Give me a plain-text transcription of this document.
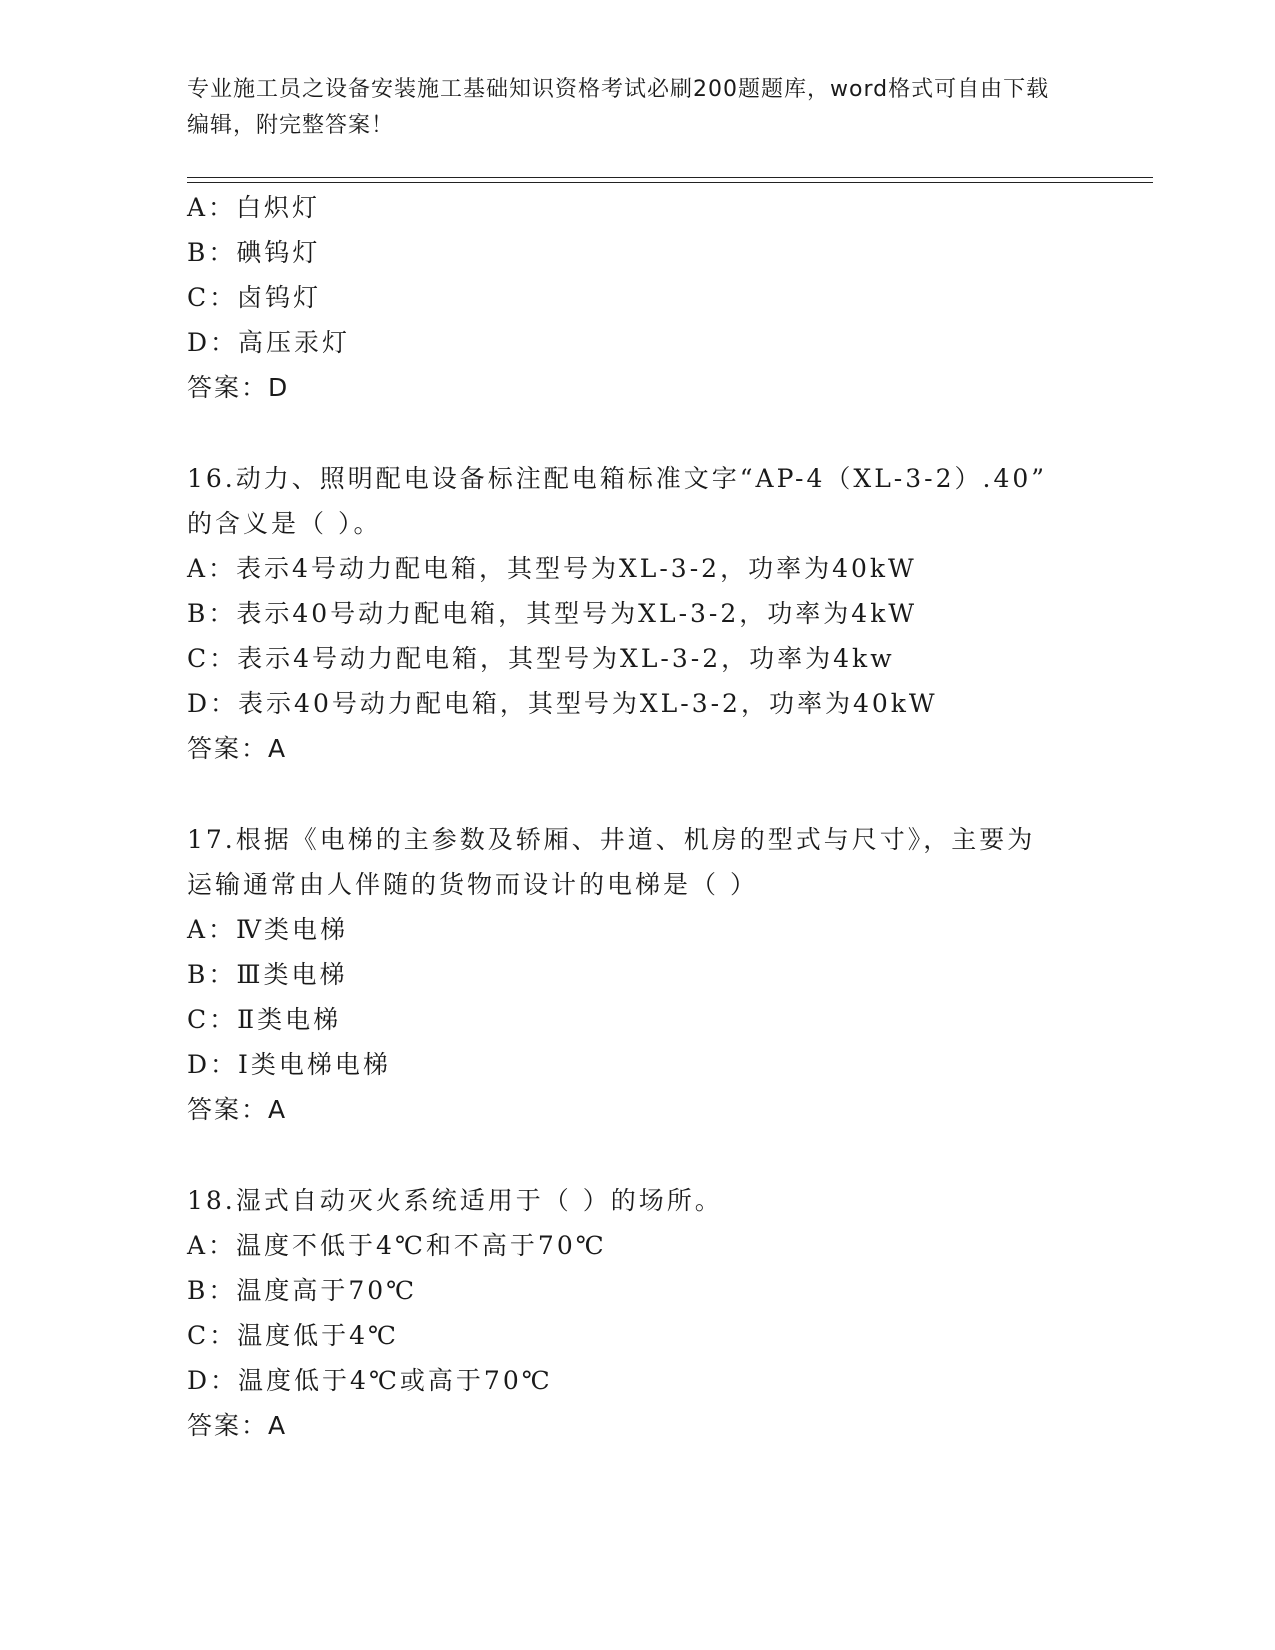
专业施工员之设备安装施工基础知识资格考试必刷200题题库，word格式可自由下载编辑，附完整答案！
A：白炽灯
B：碘钨灯
C：卤钨灯
D：高压汞灯
答案：D
16.动力、照明配电设备标注配电箱标准文字“AP-4（XL-3-2）.40”
的含义是（ ）。
A：表示4号动力配电箱，其型号为XL-3-2，功率为40kW
B：表示40号动力配电箱，其型号为XL-3-2，功率为4kW
C：表示4号动力配电箱，其型号为XL-3-2，功率为4kw
D：表示40号动力配电箱，其型号为XL-3-2，功率为40kW
答案：A
17.根据《电梯的主参数及轿厢、井道、机房的型式与尺寸》，主要为
运输通常由人伴随的货物而设计的电梯是（ ）
A：Ⅳ类电梯
B：Ⅲ类电梯
C：Ⅱ类电梯
D：Ⅰ类电梯电梯
答案：A
18.湿式自动灭火系统适用于（ ）的场所。
A：温度不低于4℃和不高于70℃
B：温度高于70℃
C：温度低于4℃
D：温度低于4℃或高于70℃
答案：A
